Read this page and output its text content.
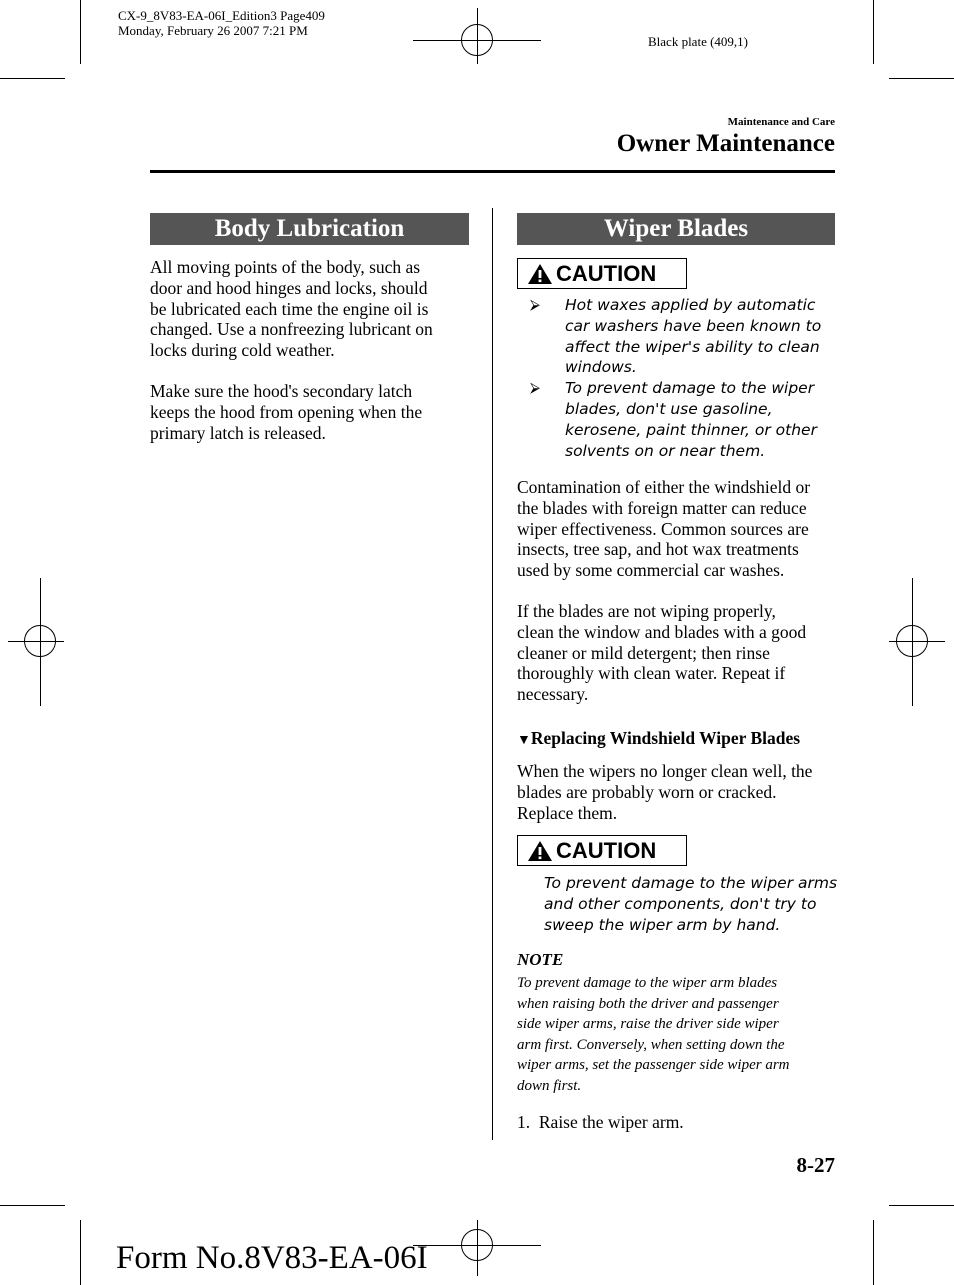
CX-9_8V83-EA-06I_Edition3 Page409
Monday, February 26 2007 7:21 PM
Black plate (409,1)
Maintenance and Care
Owner Maintenance
Body Lubrication
All moving points of the body, such as
door and hood hinges and locks, should
be lubricated each time the engine oil is
changed. Use a nonfreezing lubricant on
locks during cold weather.
Make sure the hood's secondary latch
keeps the hood from opening when the
primary latch is released.
Wiper Blades
CAUTION
⮚ Hot waxes applied by automatic
car washers have been known to
affect the wiper's ability to clean
windows.
⮚ To prevent damage to the wiper
blades, don't use gasoline,
kerosene, paint thinner, or other
solvents on or near them.
Contamination of either the windshield or
the blades with foreign matter can reduce
wiper effectiveness. Common sources are
insects, tree sap, and hot wax treatments
used by some commercial car washes.
If the blades are not wiping properly,
clean the window and blades with a good
cleaner or mild detergent; then rinse
thoroughly with clean water. Repeat if
necessary.
▼Replacing Windshield Wiper Blades
When the wipers no longer clean well, the
blades are probably worn or cracked.
Replace them.
CAUTION
To prevent damage to the wiper arms
and other components, don't try to
sweep the wiper arm by hand.
NOTE
To prevent damage to the wiper arm blades
when raising both the driver and passenger
side wiper arms, raise the driver side wiper
arm first. Conversely, when setting down the
wiper arms, set the passenger side wiper arm
down first.
1.  Raise the wiper arm.
8-27
Form No.8V83-EA-06I
